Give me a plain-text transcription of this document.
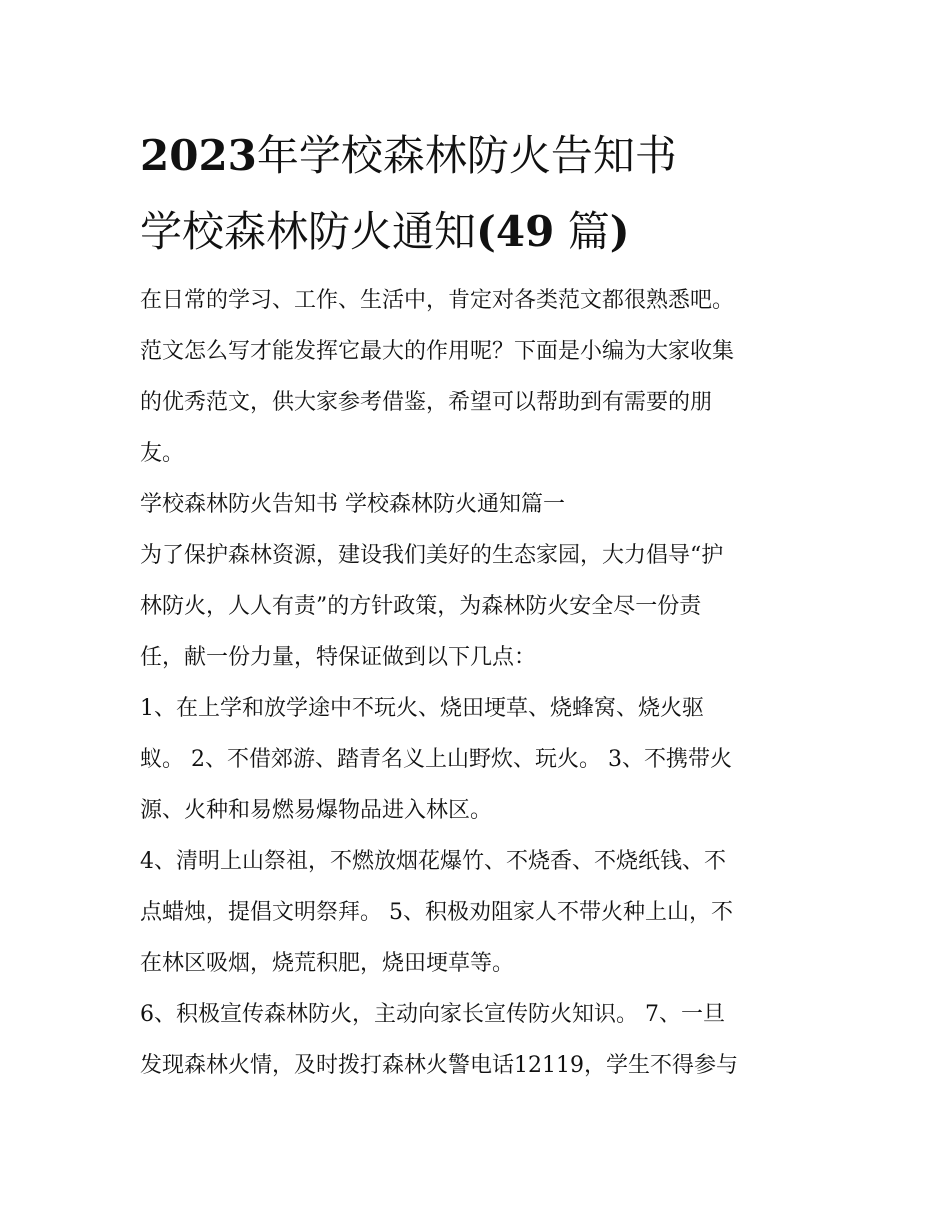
2023年学校森林防火告知书
学校森林防火通知(49 篇)
在日常的学习、工作、生活中，肯定对各类范文都很熟悉吧。
范文怎么写才能发挥它最大的作用呢？下面是小编为大家收集
的优秀范文，供大家参考借鉴，希望可以帮助到有需要的朋
友。
学校森林防火告知书 学校森林防火通知篇一
为了保护森林资源，建设我们美好的生态家园，大力倡导“护
林防火，人人有责”的方针政策，为森林防火安全尽一份责
任，献一份力量，特保证做到以下几点：
1、在上学和放学途中不玩火、烧田埂草、烧蜂窝、烧火驱
蚁。 2、不借郊游、踏青名义上山野炊、玩火。 3、不携带火
源、火种和易燃易爆物品进入林区。
4、清明上山祭祖，不燃放烟花爆竹、不烧香、不烧纸钱、不
点蜡烛，提倡文明祭拜。 5、积极劝阻家人不带火种上山，不
在林区吸烟，烧荒积肥，烧田埂草等。
6、积极宣传森林防火，主动向家长宣传防火知识。 7、一旦
发现森林火情，及时拨打森林火警电话12119，学生不得参与
